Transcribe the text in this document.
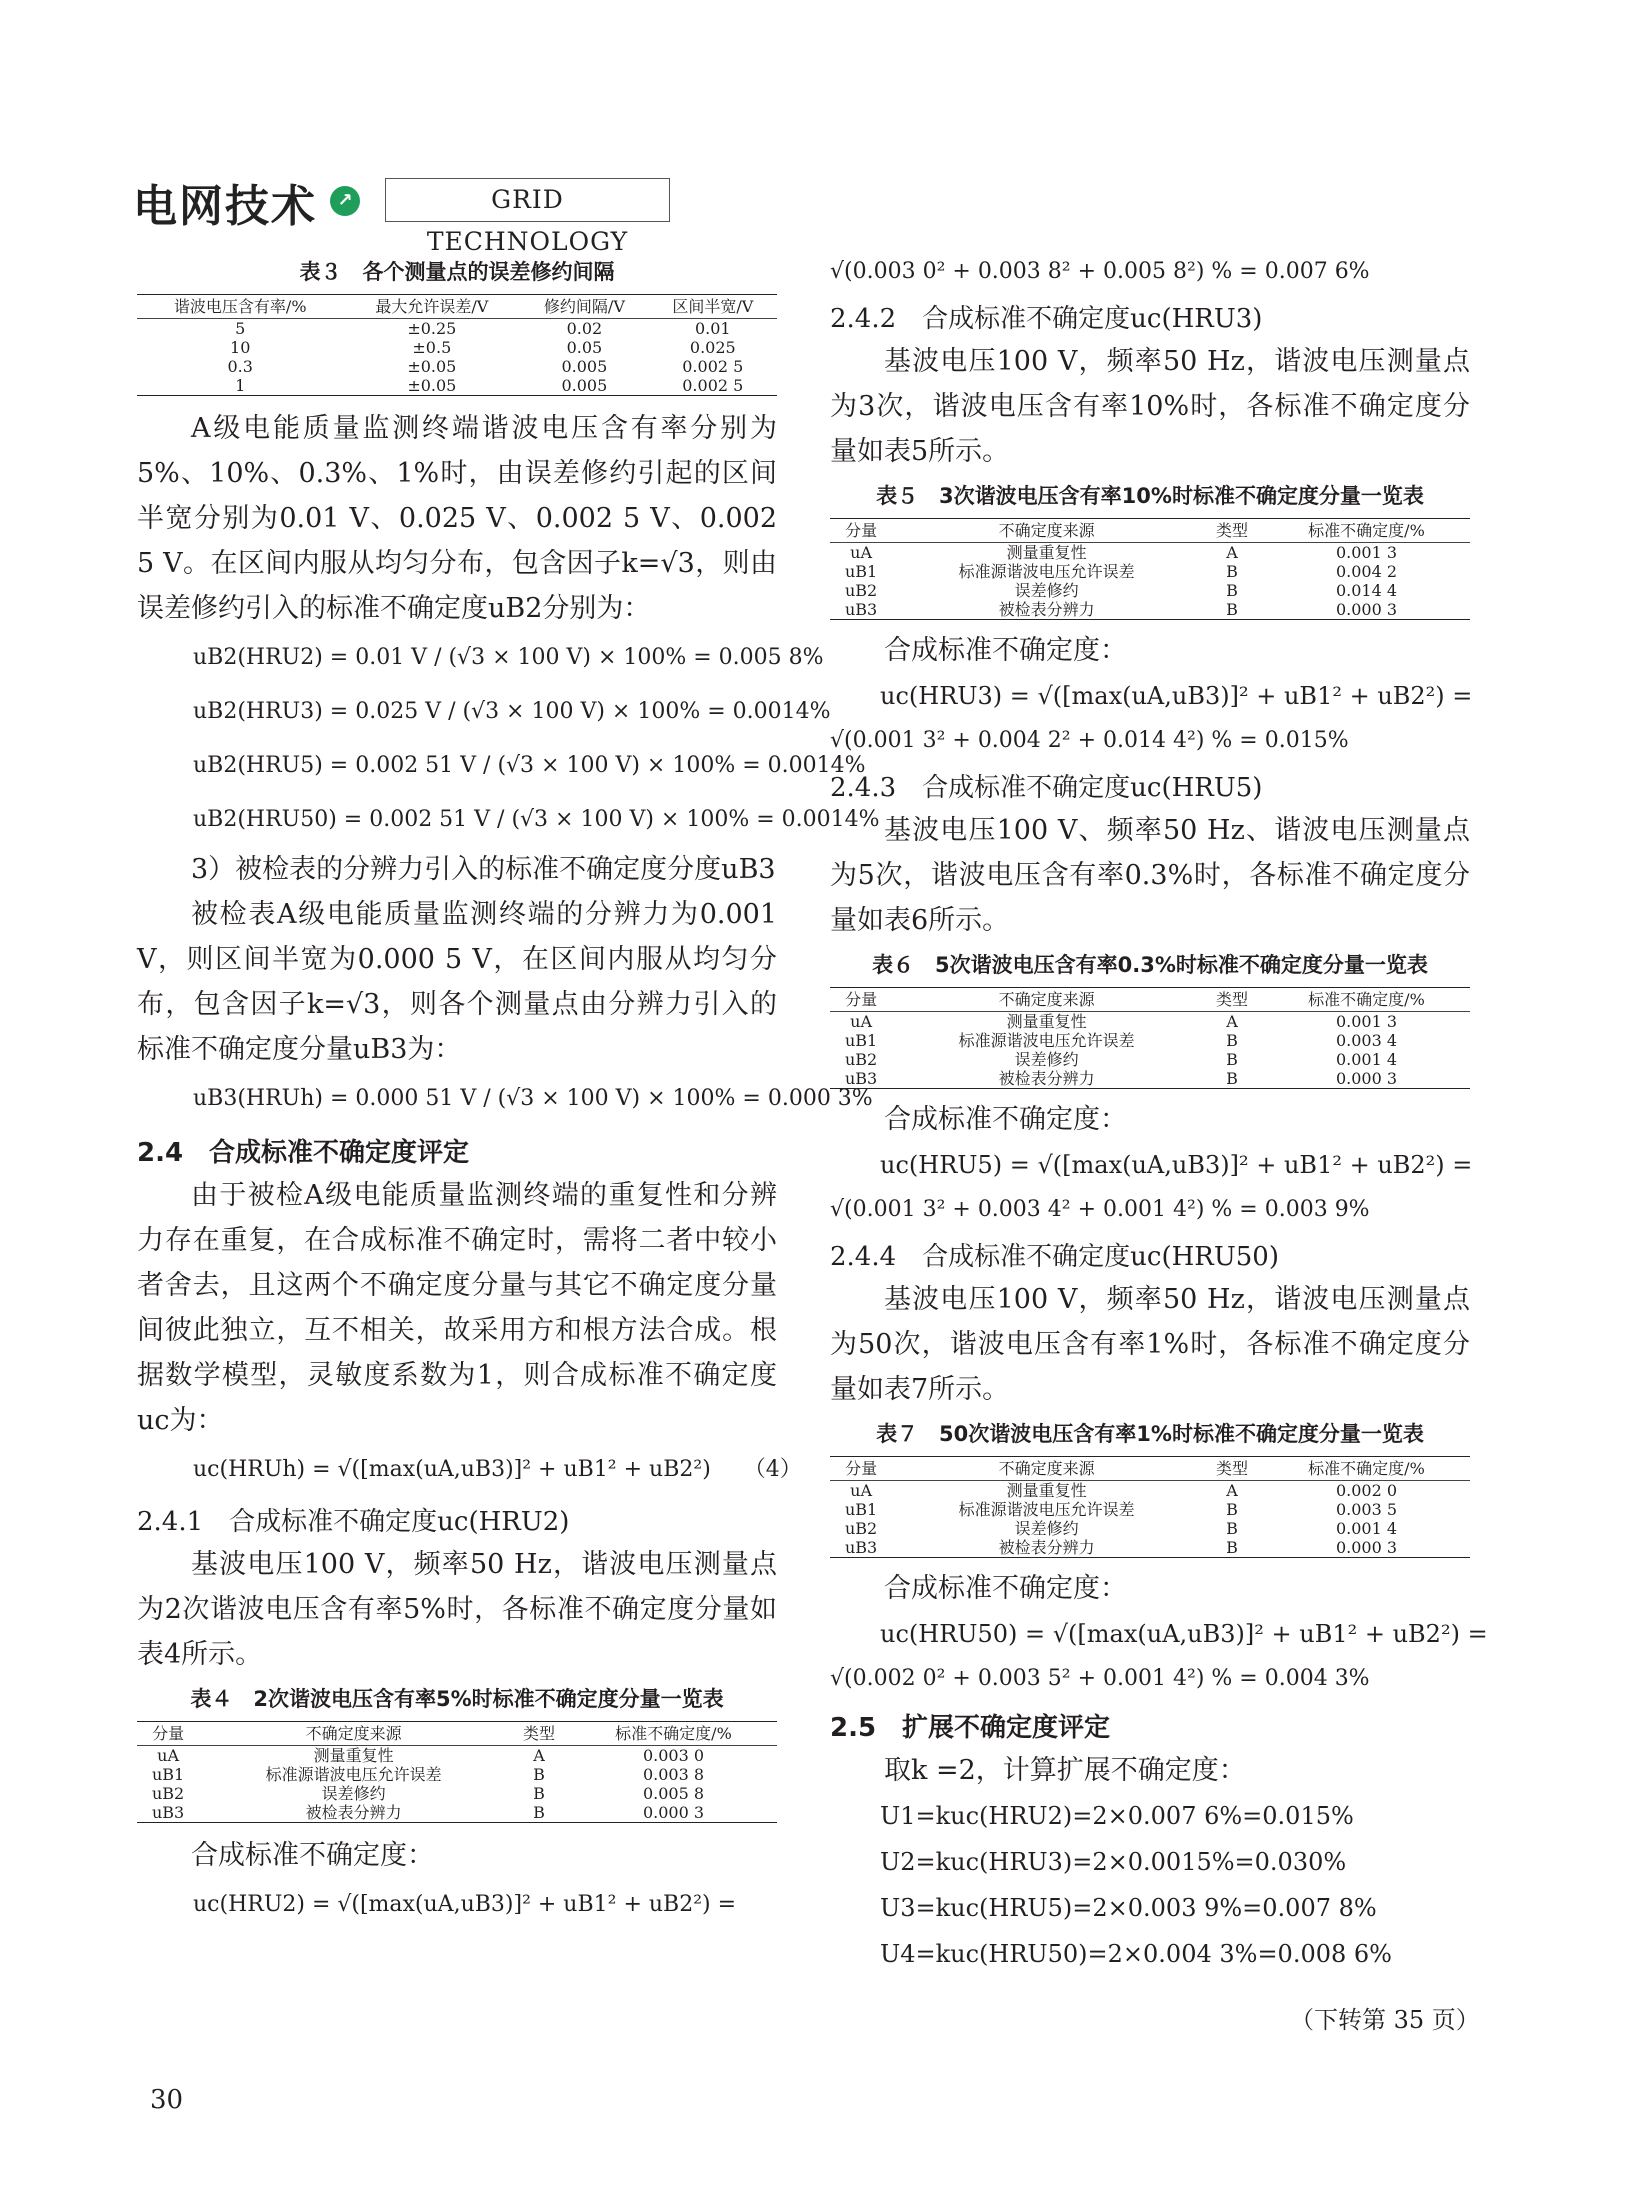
电网技术	↗	GRID TECHNOLOGY
表３　各个测量点的误差修约间隔
谐波电压含有率/%	最大允许误差/V	修约间隔/V	区间半宽/V
5	±0.25	0.02	0.01
10	±0.5	0.05	0.025
0.3	±0.05	0.005	0.002 5
1	±0.05	0.005	0.002 5

A级电能质量监测终端谐波电压含有率分别为5%、10%、0.3%、1%时，由误差修约引起的区间半宽分别为0.01 V、0.025 V、0.002 5 V、0.002 5 V。在区间内服从均匀分布，包含因子k=√3，则由误差修约引入的标准不确定度uB2分别为：

uB2(HRU2) = 0.01 V / (√3 × 100 V) × 100% = 0.005 8%
uB2(HRU3) = 0.025 V / (√3 × 100 V) × 100% = 0.0014%
uB2(HRU5) = 0.002 51 V / (√3 × 100 V) × 100% = 0.0014%
uB2(HRU50) = 0.002 51 V / (√3 × 100 V) × 100% = 0.0014%

3）被检表的分辨力引入的标准不确定度分度uB3

被检表A级电能质量监测终端的分辨力为0.001 V，则区间半宽为0.000 5 V，在区间内服从均匀分布，包含因子k=√3，则各个测量点由分辨力引入的标准不确定度分量uB3为：

uB3(HRUh) = 0.000 51 V / (√3 × 100 V) × 100% = 0.000 3%
2.4　合成标准不确定度评定

由于被检A级电能质量监测终端的重复性和分辨力存在重复，在合成标准不确定时，需将二者中较小者舍去，且这两个不确定度分量与其它不确定度分量间彼此独立，互不相关，故采用方和根方法合成。根据数学模型，灵敏度系数为1，则合成标准不确定度uc为：

uc(HRUh) = √([max(uA,uB3)]² + uB1² + uB2²)　　（4）
2.4.1　合成标准不确定度uc(HRU2)

基波电压100 V，频率50 Hz，谐波电压测量点为2次谐波电压含有率5%时，各标准不确定度分量如表4所示。

表４　2次谐波电压含有率5%时标准不确定度分量一览表
分量	不确定度来源	类型	标准不确定度/%
uA	测量重复性	A	0.003 0
uB1	标准源谐波电压允许误差	B	0.003 8
uB2	误差修约	B	0.005 8
uB3	被检表分辨力	B	0.000 3

合成标准不确定度：

uc(HRU2) = √([max(uA,uB3)]² + uB1² + uB2²) =
√(0.003 0² + 0.003 8² + 0.005 8²) % = 0.007 6%
2.4.2　合成标准不确定度uc(HRU3)

基波电压100 V，频率50 Hz，谐波电压测量点为3次，谐波电压含有率10%时，各标准不确定度分量如表5所示。

表５　3次谐波电压含有率10%时标准不确定度分量一览表
分量	不确定度来源	类型	标准不确定度/%
uA	测量重复性	A	0.001 3
uB1	标准源谐波电压允许误差	B	0.004 2
uB2	误差修约	B	0.014 4
uB3	被检表分辨力	B	0.000 3

合成标准不确定度：

uc(HRU3) = √([max(uA,uB3)]² + uB1² + uB2²) =
√(0.001 3² + 0.004 2² + 0.014 4²) % = 0.015%
2.4.3　合成标准不确定度uc(HRU5)

基波电压100 V、频率50 Hz、谐波电压测量点为5次，谐波电压含有率0.3%时，各标准不确定度分量如表6所示。

表６　5次谐波电压含有率0.3%时标准不确定度分量一览表
分量	不确定度来源	类型	标准不确定度/%
uA	测量重复性	A	0.001 3
uB1	标准源谐波电压允许误差	B	0.003 4
uB2	误差修约	B	0.001 4
uB3	被检表分辨力	B	0.000 3

合成标准不确定度：

uc(HRU5) = √([max(uA,uB3)]² + uB1² + uB2²) =
√(0.001 3² + 0.003 4² + 0.001 4²) % = 0.003 9%
2.4.4　合成标准不确定度uc(HRU50)

基波电压100 V，频率50 Hz，谐波电压测量点为50次，谐波电压含有率1%时，各标准不确定度分量如表7所示。

表７　50次谐波电压含有率1%时标准不确定度分量一览表
分量	不确定度来源	类型	标准不确定度/%
uA	测量重复性	A	0.002 0
uB1	标准源谐波电压允许误差	B	0.003 5
uB2	误差修约	B	0.001 4
uB3	被检表分辨力	B	0.000 3

合成标准不确定度：

uc(HRU50) = √([max(uA,uB3)]² + uB1² + uB2²) =
√(0.002 0² + 0.003 5² + 0.001 4²) % = 0.004 3%
2.5　扩展不确定度评定

取k =2，计算扩展不确定度：

U1=kuc(HRU2)=2×0.007 6%=0.015%
U2=kuc(HRU3)=2×0.0015%=0.030%
U3=kuc(HRU5)=2×0.003 9%=0.007 8%
U4=kuc(HRU50)=2×0.004 3%=0.008 6%
（下转第 35 页）
30
